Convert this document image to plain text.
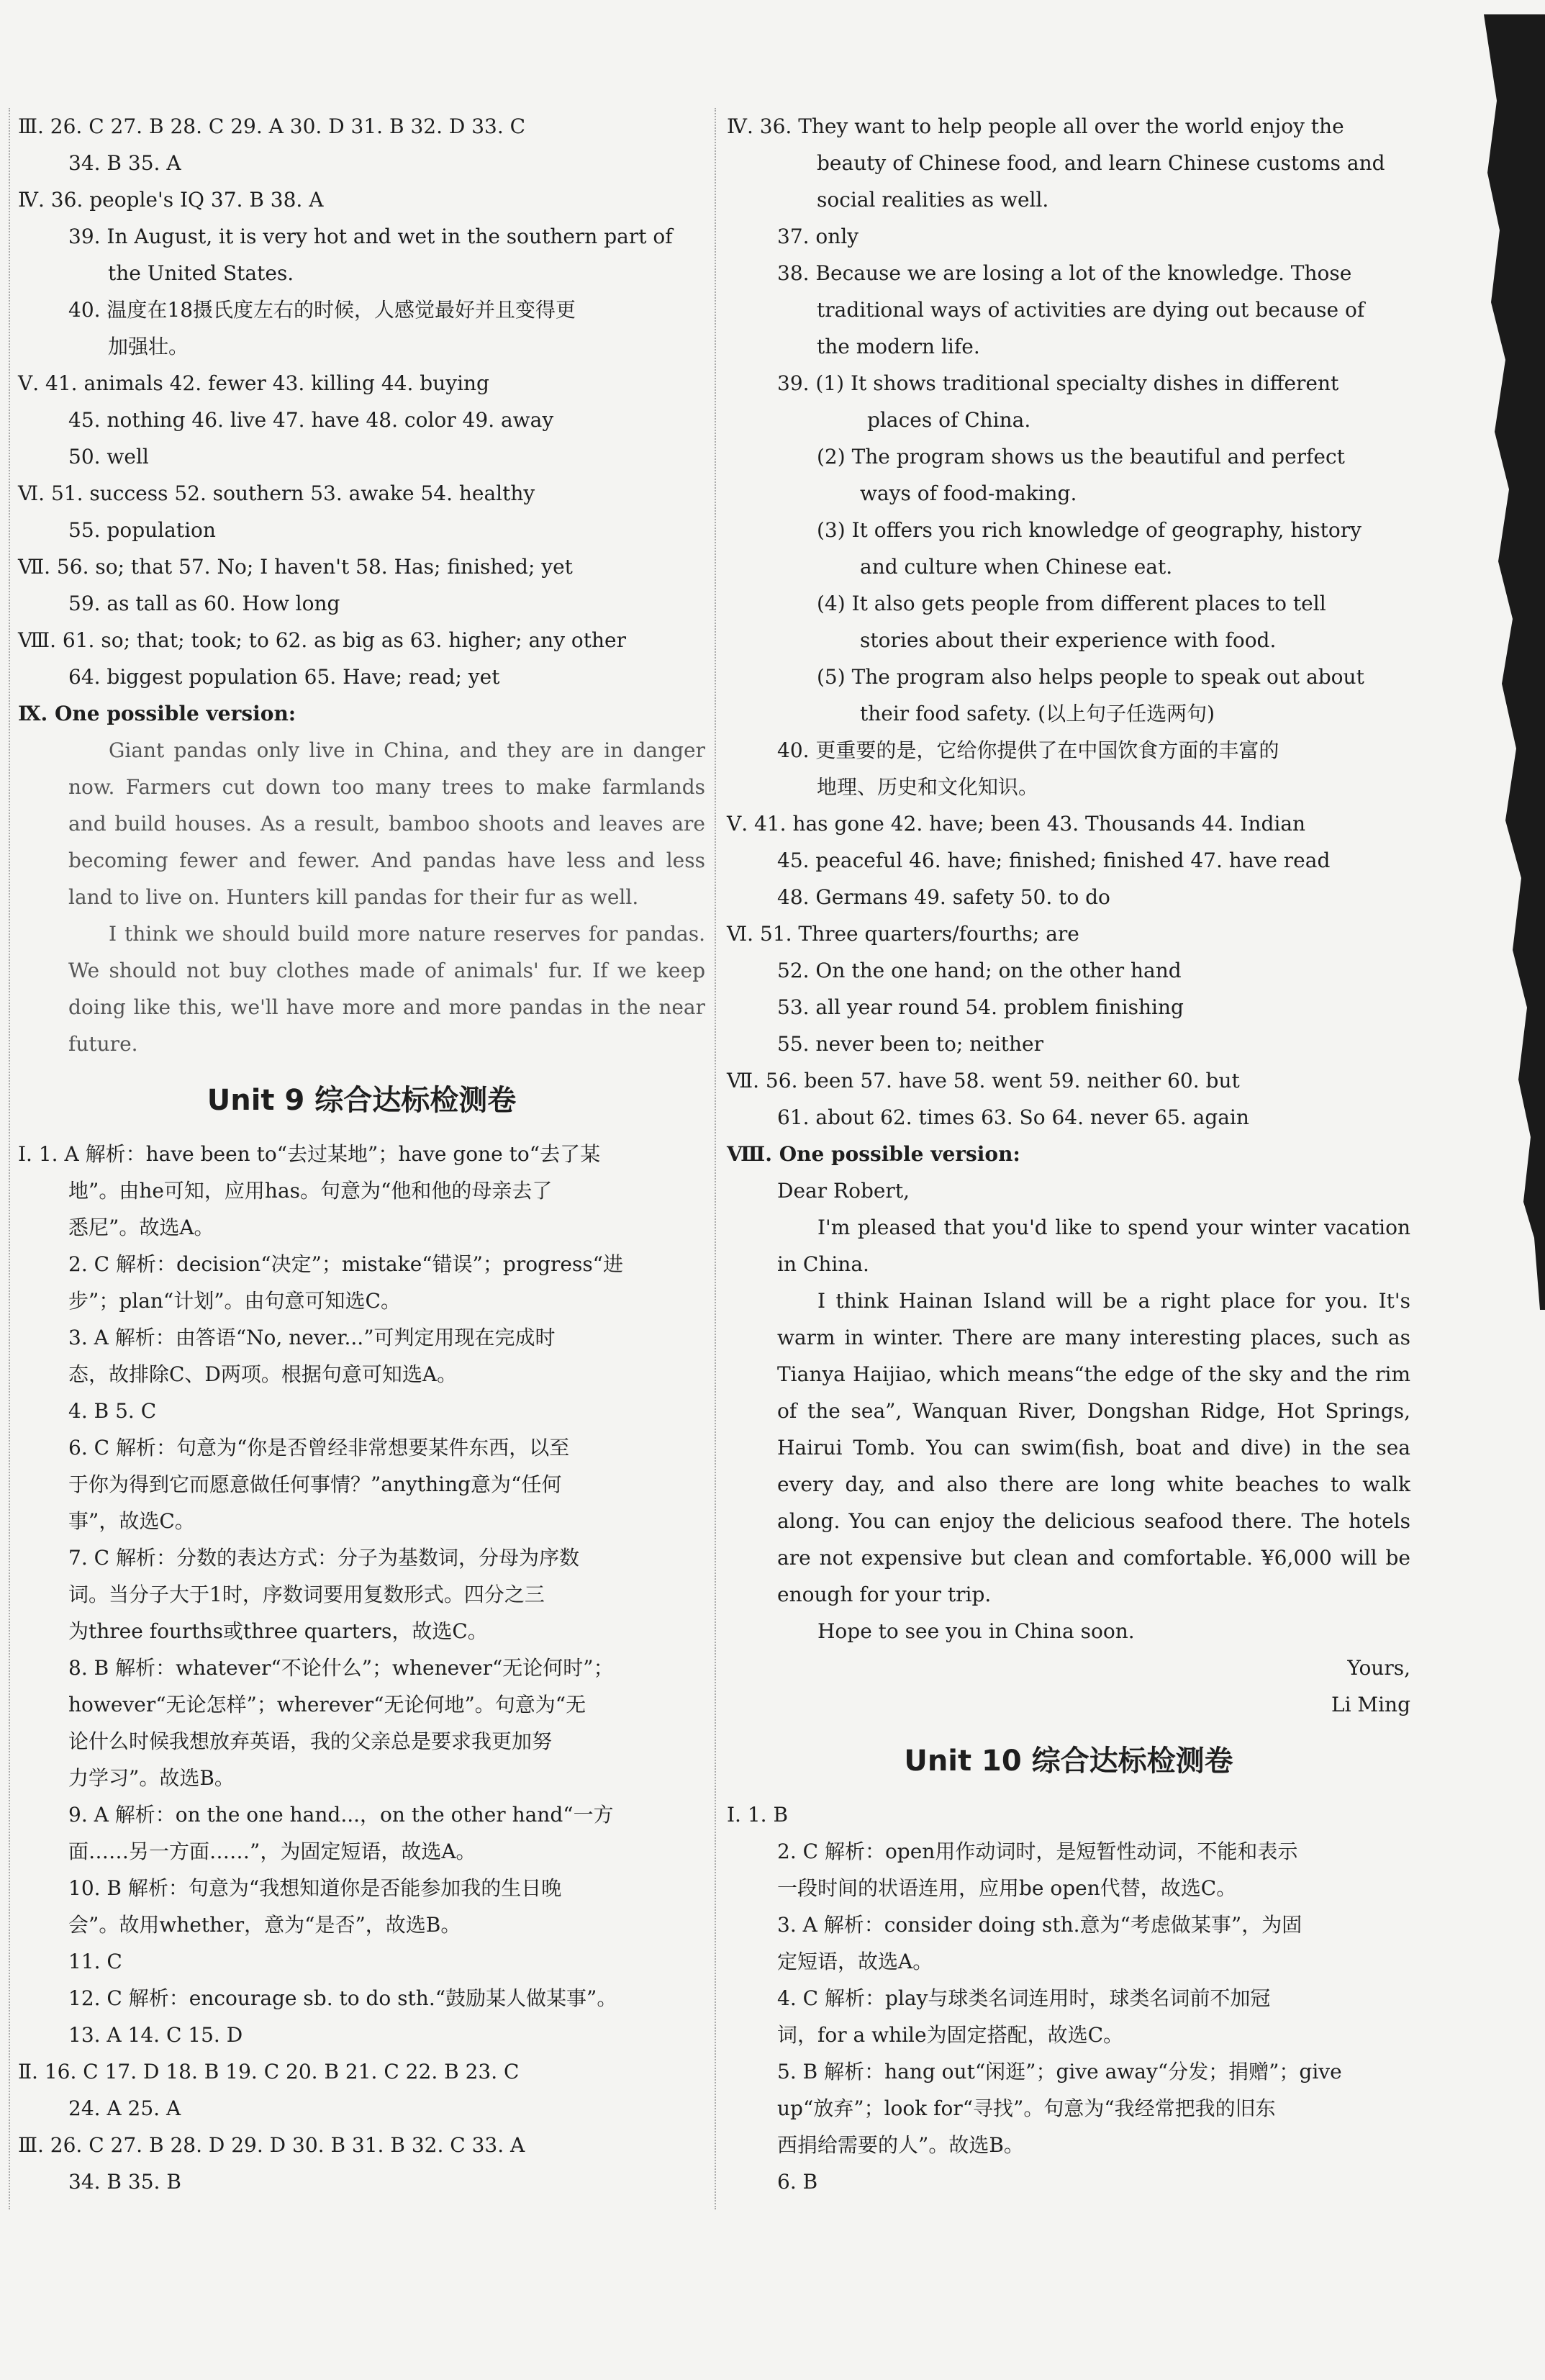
Ⅲ. 26. C 27. B 28. C 29. A 30. D 31. B 32. D 33. C
34. B 35. A
Ⅳ. 36. people's IQ 37. B 38. A
39. In August, it is very hot and wet in the southern part of
the United States.
40. 温度在18摄氏度左右的时候，人感觉最好并且变得更
加强壮。
Ⅴ. 41. animals 42. fewer 43. killing 44. buying
45. nothing 46. live 47. have 48. color 49. away
50. well
Ⅵ. 51. success 52. southern 53. awake 54. healthy
55. population
Ⅶ. 56. so; that 57. No; I haven't 58. Has; finished; yet
59. as tall as 60. How long
Ⅷ. 61. so; that; took; to 62. as big as 63. higher; any other
64. biggest population 65. Have; read; yet
Ⅸ. One possible version:
Giant pandas only live in China, and they are in danger now. Farmers cut down too many trees to make farmlands and build houses. As a result, bamboo shoots and leaves are becoming fewer and fewer. And pandas have less and less land to live on. Hunters kill pandas for their fur as well.
I think we should build more nature reserves for pandas. We should not buy clothes made of animals' fur. If we keep doing like this, we'll have more and more pandas in the near future.
Unit 9 综合达标检测卷
Ⅰ. 1. A 解析：have been to“去过某地”；have gone to“去了某
地”。由he可知，应用has。句意为“他和他的母亲去了
悉尼”。故选A。
2. C 解析：decision“决定”；mistake“错误”；progress“进
步”；plan“计划”。由句意可知选C。
3. A 解析：由答语“No, never...”可判定用现在完成时
态，故排除C、D两项。根据句意可知选A。
4. B 5. C
6. C 解析：句意为“你是否曾经非常想要某件东西，以至
于你为得到它而愿意做任何事情？”anything意为“任何
事”，故选C。
7. C 解析：分数的表达方式：分子为基数词，分母为序数
词。当分子大于1时，序数词要用复数形式。四分之三
为three fourths或three quarters，故选C。
8. B 解析：whatever“不论什么”；whenever“无论何时”；
however“无论怎样”；wherever“无论何地”。句意为“无
论什么时候我想放弃英语，我的父亲总是要求我更加努
力学习”。故选B。
9. A 解析：on the one hand...，on the other hand“一方
面……另一方面……”，为固定短语，故选A。
10. B 解析：句意为“我想知道你是否能参加我的生日晚
会”。故用whether，意为“是否”，故选B。
11. C
12. C 解析：encourage sb. to do sth.“鼓励某人做某事”。
13. A 14. C 15. D
Ⅱ. 16. C 17. D 18. B 19. C 20. B 21. C 22. B 23. C
24. A 25. A
Ⅲ. 26. C 27. B 28. D 29. D 30. B 31. B 32. C 33. A
34. B 35. B
Ⅳ. 36. They want to help people all over the world enjoy the
beauty of Chinese food, and learn Chinese customs and
social realities as well.
37. only
38. Because we are losing a lot of the knowledge. Those
traditional ways of activities are dying out because of
the modern life.
39. (1) It shows traditional specialty dishes in different
places of China.
(2) The program shows us the beautiful and perfect
ways of food-making.
(3) It offers you rich knowledge of geography, history
and culture when Chinese eat.
(4) It also gets people from different places to tell
stories about their experience with food.
(5) The program also helps people to speak out about
their food safety. (以上句子任选两句)
40. 更重要的是，它给你提供了在中国饮食方面的丰富的
地理、历史和文化知识。
Ⅴ. 41. has gone 42. have; been 43. Thousands 44. Indian
45. peaceful 46. have; finished; finished 47. have read
48. Germans 49. safety 50. to do
Ⅵ. 51. Three quarters/fourths; are
52. On the one hand; on the other hand
53. all year round 54. problem finishing
55. never been to; neither
Ⅶ. 56. been 57. have 58. went 59. neither 60. but
61. about 62. times 63. So 64. never 65. again
Ⅷ. One possible version:
Dear Robert,
I'm pleased that you'd like to spend your winter vacation in China.
I think Hainan Island will be a right place for you. It's warm in winter. There are many interesting places, such as Tianya Haijiao, which means“the edge of the sky and the rim of the sea”, Wanquan River, Dongshan Ridge, Hot Springs, Hairui Tomb. You can swim(fish, boat and dive) in the sea every day, and also there are long white beaches to walk along. You can enjoy the delicious seafood there. The hotels are not expensive but clean and comfortable. ¥6,000 will be enough for your trip.
Hope to see you in China soon.
Yours,
Li Ming
Unit 10 综合达标检测卷
Ⅰ. 1. B
2. C 解析：open用作动词时，是短暂性动词，不能和表示
一段时间的状语连用，应用be open代替，故选C。
3. A 解析：consider doing sth.意为“考虑做某事”，为固
定短语，故选A。
4. C 解析：play与球类名词连用时，球类名词前不加冠
词，for a while为固定搭配，故选C。
5. B 解析：hang out“闲逛”；give away“分发；捐赠”；give
up“放弃”；look for“寻找”。句意为“我经常把我的旧东
西捐给需要的人”。故选B。
6. B
